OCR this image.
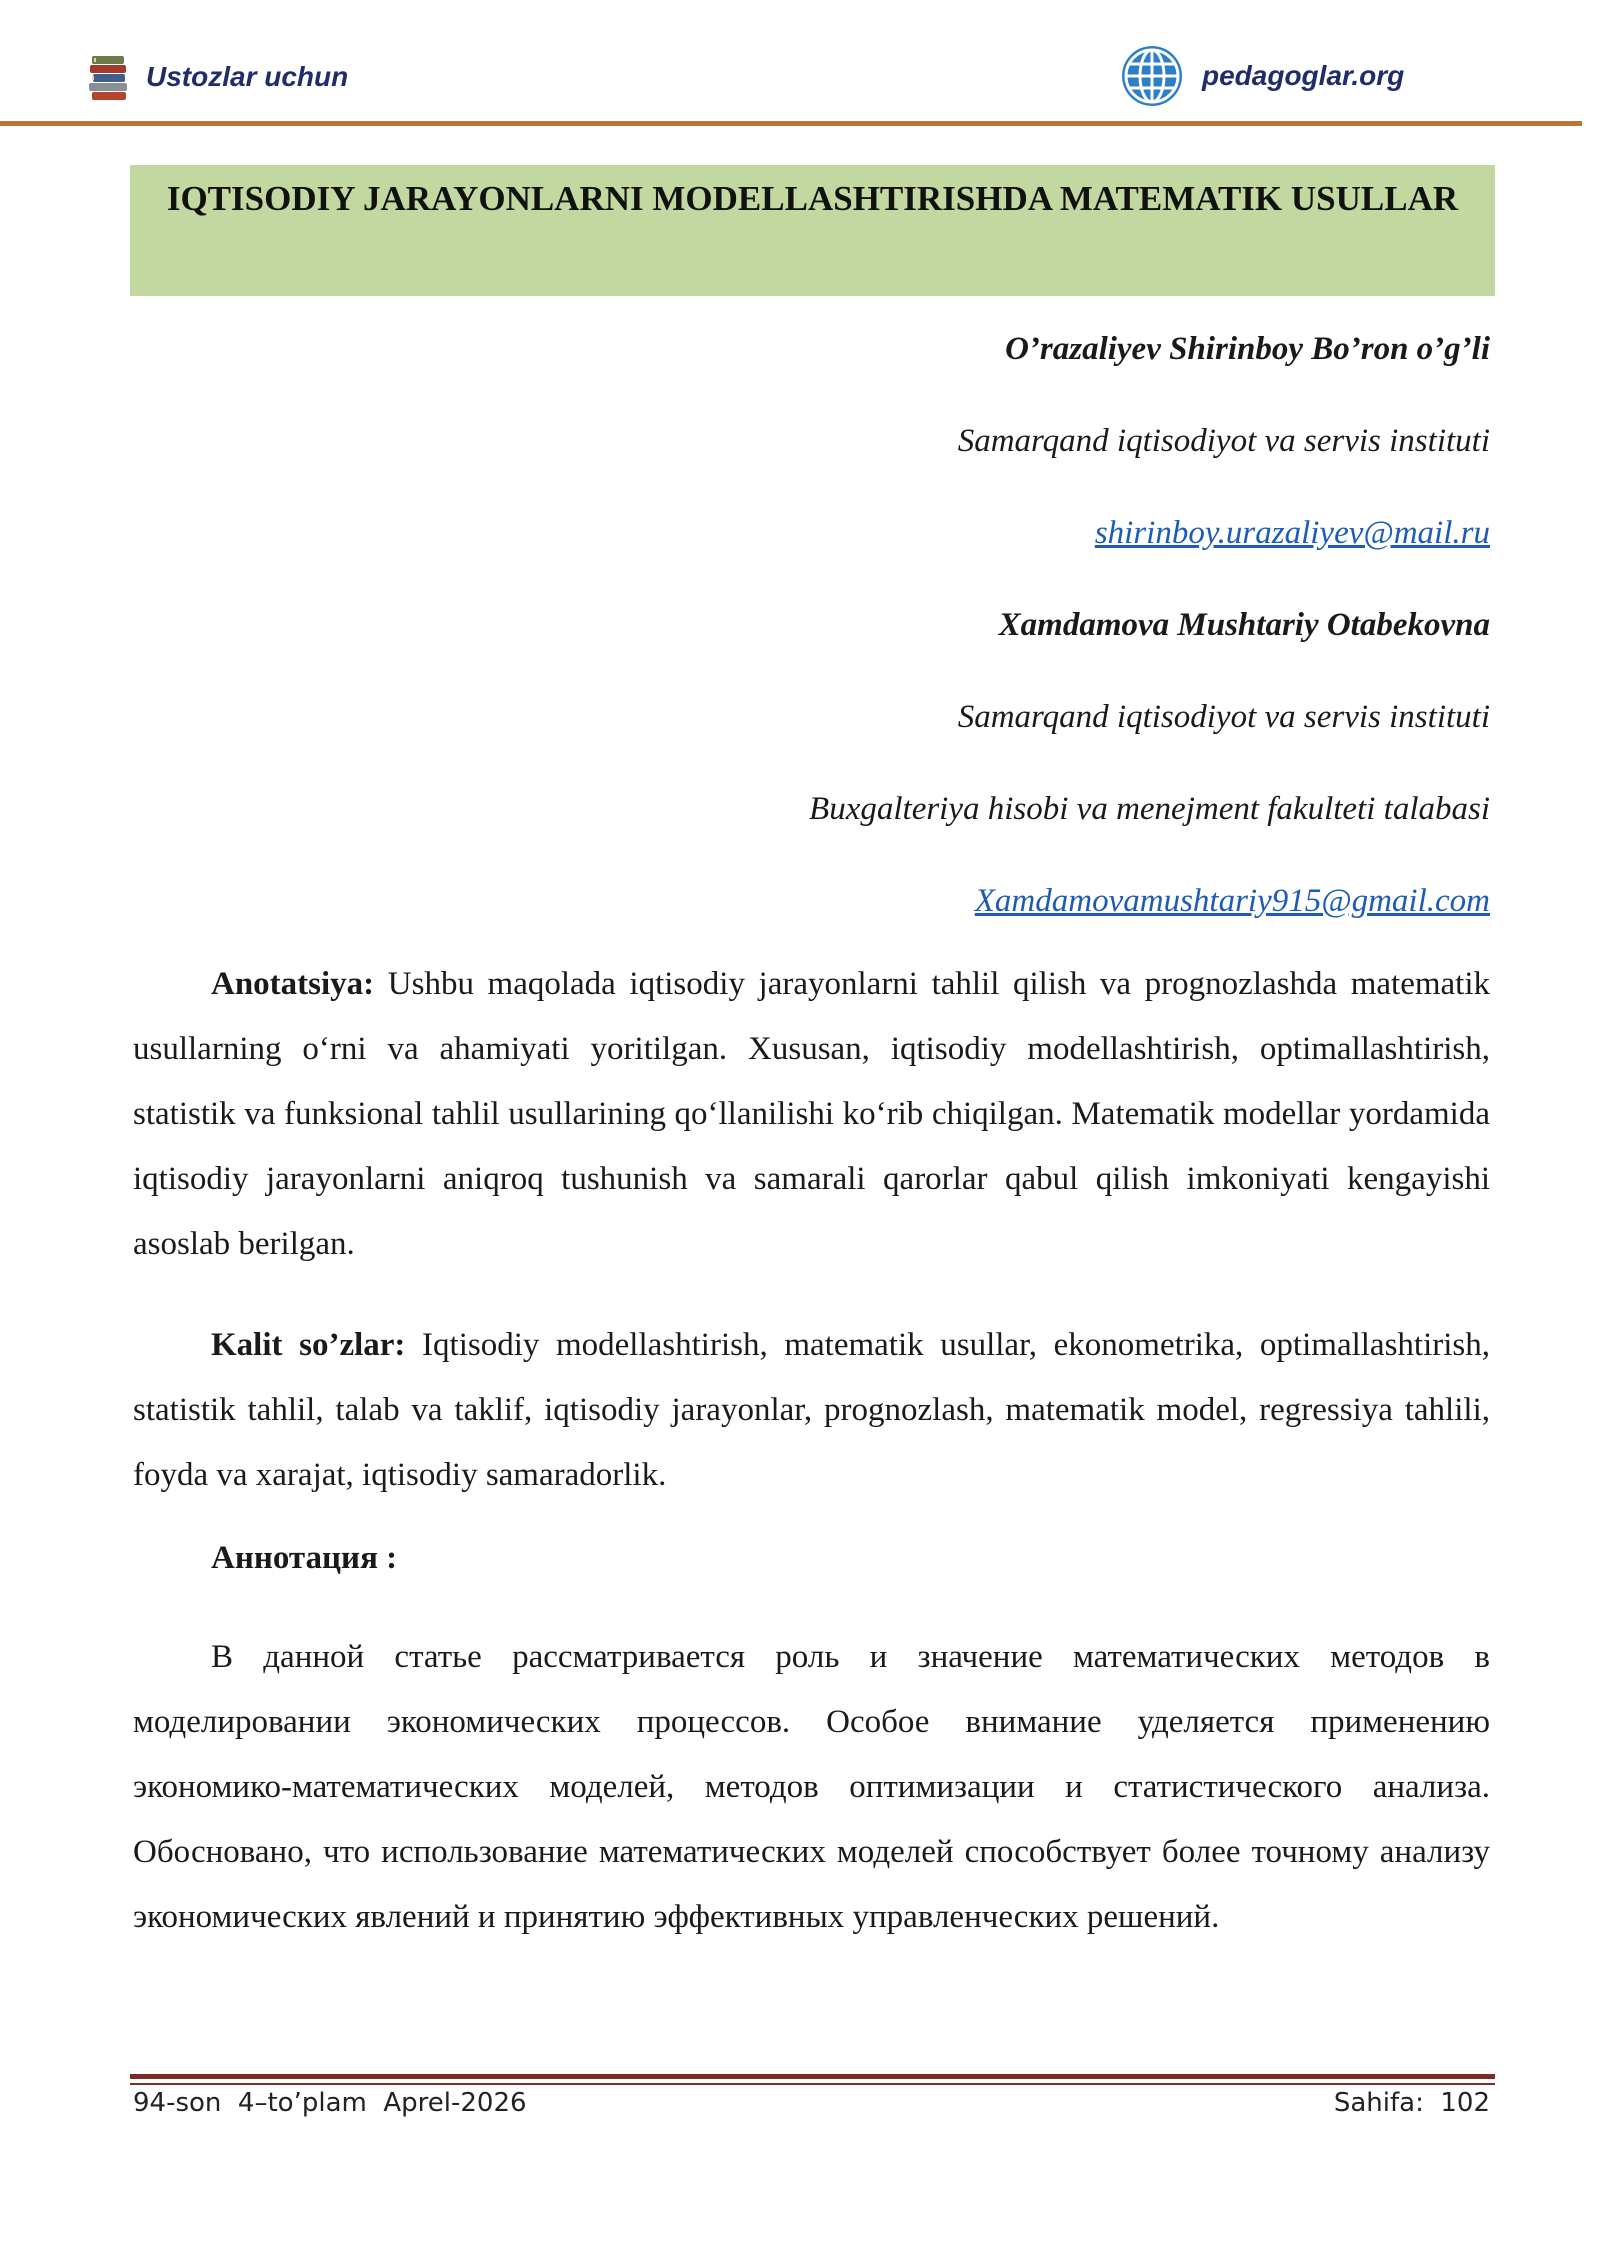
Ustozlar uchun	pedagoglar.org
IQTISODIY JARAYONLARNI MODELLASHTIRISHDA MATEMATIK USULLAR
O’razaliyev Shirinboy Bo’ron o’g’li
Samarqand iqtisodiyot va servis instituti
shirinboy.urazaliyev@mail.ru
Xamdamova Mushtariy Otabekovna
Samarqand iqtisodiyot va servis instituti
Buxgalteriya hisobi va menejment fakulteti talabasi
Xamdamovamushtariy915@gmail.com
Anotatsiya: Ushbu maqolada iqtisodiy jarayonlarni tahlil qilish va prognozlashda matematik usullarning o‘rni va ahamiyati yoritilgan. Xususan, iqtisodiy modellashtirish, optimallashtirish, statistik va funksional tahlil usullarining qo‘llanilishi ko‘rib chiqilgan. Matematik modellar yordamida iqtisodiy jarayonlarni aniqroq tushunish va samarali qarorlar qabul qilish imkoniyati kengayishi asoslab berilgan.
Kalit so’zlar: Iqtisodiy modellashtirish, matematik usullar, ekonometrika, optimallashtirish, statistik tahlil, talab va taklif, iqtisodiy jarayonlar, prognozlash, matematik model, regressiya tahlili, foyda va xarajat, iqtisodiy samaradorlik.
Аннотация :
В данной статье рассматривается роль и значение математических методов в моделировании экономических процессов. Особое внимание уделяется применению экономико-математических моделей, методов оптимизации и статистического анализа. Обосновано, что использование математических моделей способствует более точному анализу экономических явлений и принятию эффективных управленческих решений.
94-son  4–to’plam  Aprel-2026	Sahifa:  102
